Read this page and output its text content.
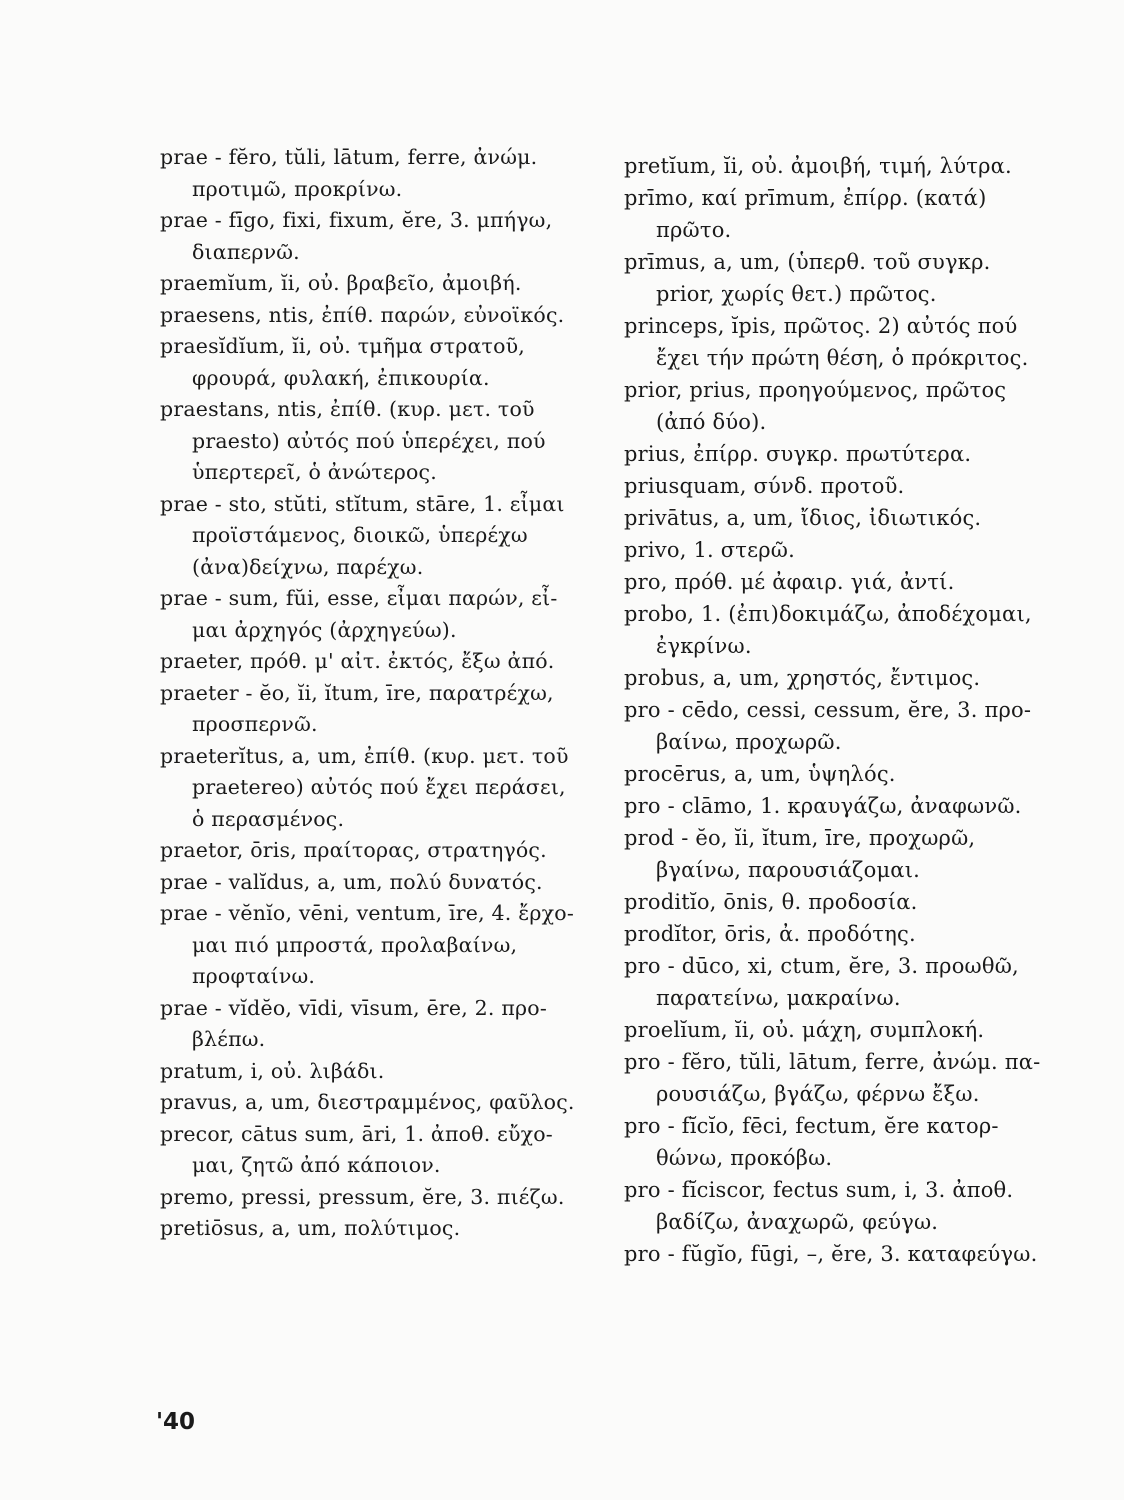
prae - fĕro, tŭli, lātum, ferre, ἀνώμ.
προτιμῶ, προκρίνω.
prae - fīgo, fixi, fixum, ĕre, 3. μπήγω,
διαπερνῶ.
praemĭum, ĭi, οὐ. βραβεῖο, ἀμοιβή.
praesens, ntis, ἐπίθ. παρών, εὐνοϊκός.
praesĭdĭum, ĭi, οὐ. τμῆμα στρατοῦ,
φρουρά, φυλακή, ἐπικουρία.
praestans, ntis, ἐπίθ. (κυρ. μετ. τοῦ
praesto) αὐτός πού ὑπερέχει, πού
ὑπερτερεῖ, ὁ ἀνώτερος.
prae - sto, stŭti, stĭtum, stāre, 1. εἶμαι
προϊστάμενος, διοικῶ, ὑπερέχω
(ἀνα)δείχνω, παρέχω.
prae - sum, fŭi, esse, εἶμαι παρών, εἶ-
μαι ἀρχηγός (ἀρχηγεύω).
praeter, πρόθ. μ' αἰτ. ἐκτός, ἔξω ἀπό.
praeter - ĕo, ĭi, ĭtum, īre, παρατρέχω,
προσπερνῶ.
praeterĭtus, a, um, ἐπίθ. (κυρ. μετ. τοῦ
praetereo) αὐτός πού ἔχει περάσει,
ὁ περασμένος.
praetor, ōris, πραίτορας, στρατηγός.
prae - valĭdus, a, um, πολύ δυνατός.
prae - vĕnĭo, vēni, ventum, īre, 4. ἔρχο-
μαι πιό μπροστά, προλαβαίνω,
προφταίνω.
prae - vĭdĕo, vīdi, vīsum, ēre, 2. προ-
βλέπω.
pratum, i, οὐ. λιβάδι.
pravus, a, um, διεστραμμένος, φαῦλος.
precor, cātus sum, āri, 1. ἀποθ. εὔχο-
μαι, ζητῶ ἀπό κάποιον.
premo, pressi, pressum, ĕre, 3. πιέζω.
pretiōsus, a, um, πολύτιμος.
pretĭum, ĭi, οὐ. ἀμοιβή, τιμή, λύτρα.
prīmo, καί prīmum, ἐπίρρ. (κατά)
πρῶτο.
prīmus, a, um, (ὑπερθ. τοῦ συγκρ.
prior, χωρίς θετ.) πρῶτος.
princeps, ĭpis, πρῶτος. 2) αὐτός πού
ἔχει τήν πρώτη θέση, ὁ πρόκριτος.
prior, prius, προηγούμενος, πρῶτος
(ἀπό δύο).
prius, ἐπίρρ. συγκρ. πρωτύτερα.
priusquam, σύνδ. προτοῦ.
privātus, a, um, ἴδιος, ἰδιωτικός.
privo, 1. στερῶ.
pro, πρόθ. μέ ἀφαιρ. γιά, ἀντί.
probo, 1. (ἐπι)δοκιμάζω, ἀποδέχομαι,
ἐγκρίνω.
probus, a, um, χρηστός, ἔντιμος.
pro - cēdo, cessi, cessum, ĕre, 3. προ-
βαίνω, προχωρῶ.
procērus, a, um, ὑψηλός.
pro - clāmo, 1. κραυγάζω, ἀναφωνῶ.
prod - ĕo, ĭi, ĭtum, īre, προχωρῶ,
βγαίνω, παρουσιάζομαι.
proditĭo, ōnis, θ. προδοσία.
prodĭtor, ōris, ἀ. προδότης.
pro - dūco, xi, ctum, ĕre, 3. προωθῶ,
παρατείνω, μακραίνω.
proelĭum, ĭi, οὐ. μάχη, συμπλοκή.
pro - fĕro, tŭli, lātum, ferre, ἀνώμ. πα-
ρουσιάζω, βγάζω, φέρνω ἔξω.
pro - fĭcĭo, fēci, fectum, ĕre κατορ-
θώνω, προκόβω.
pro - fĭciscor, fectus sum, i, 3. ἀποθ.
βαδίζω, ἀναχωρῶ, φεύγω.
pro - fŭgĭo, fūgi, –, ĕre, 3. καταφεύγω.
'40
